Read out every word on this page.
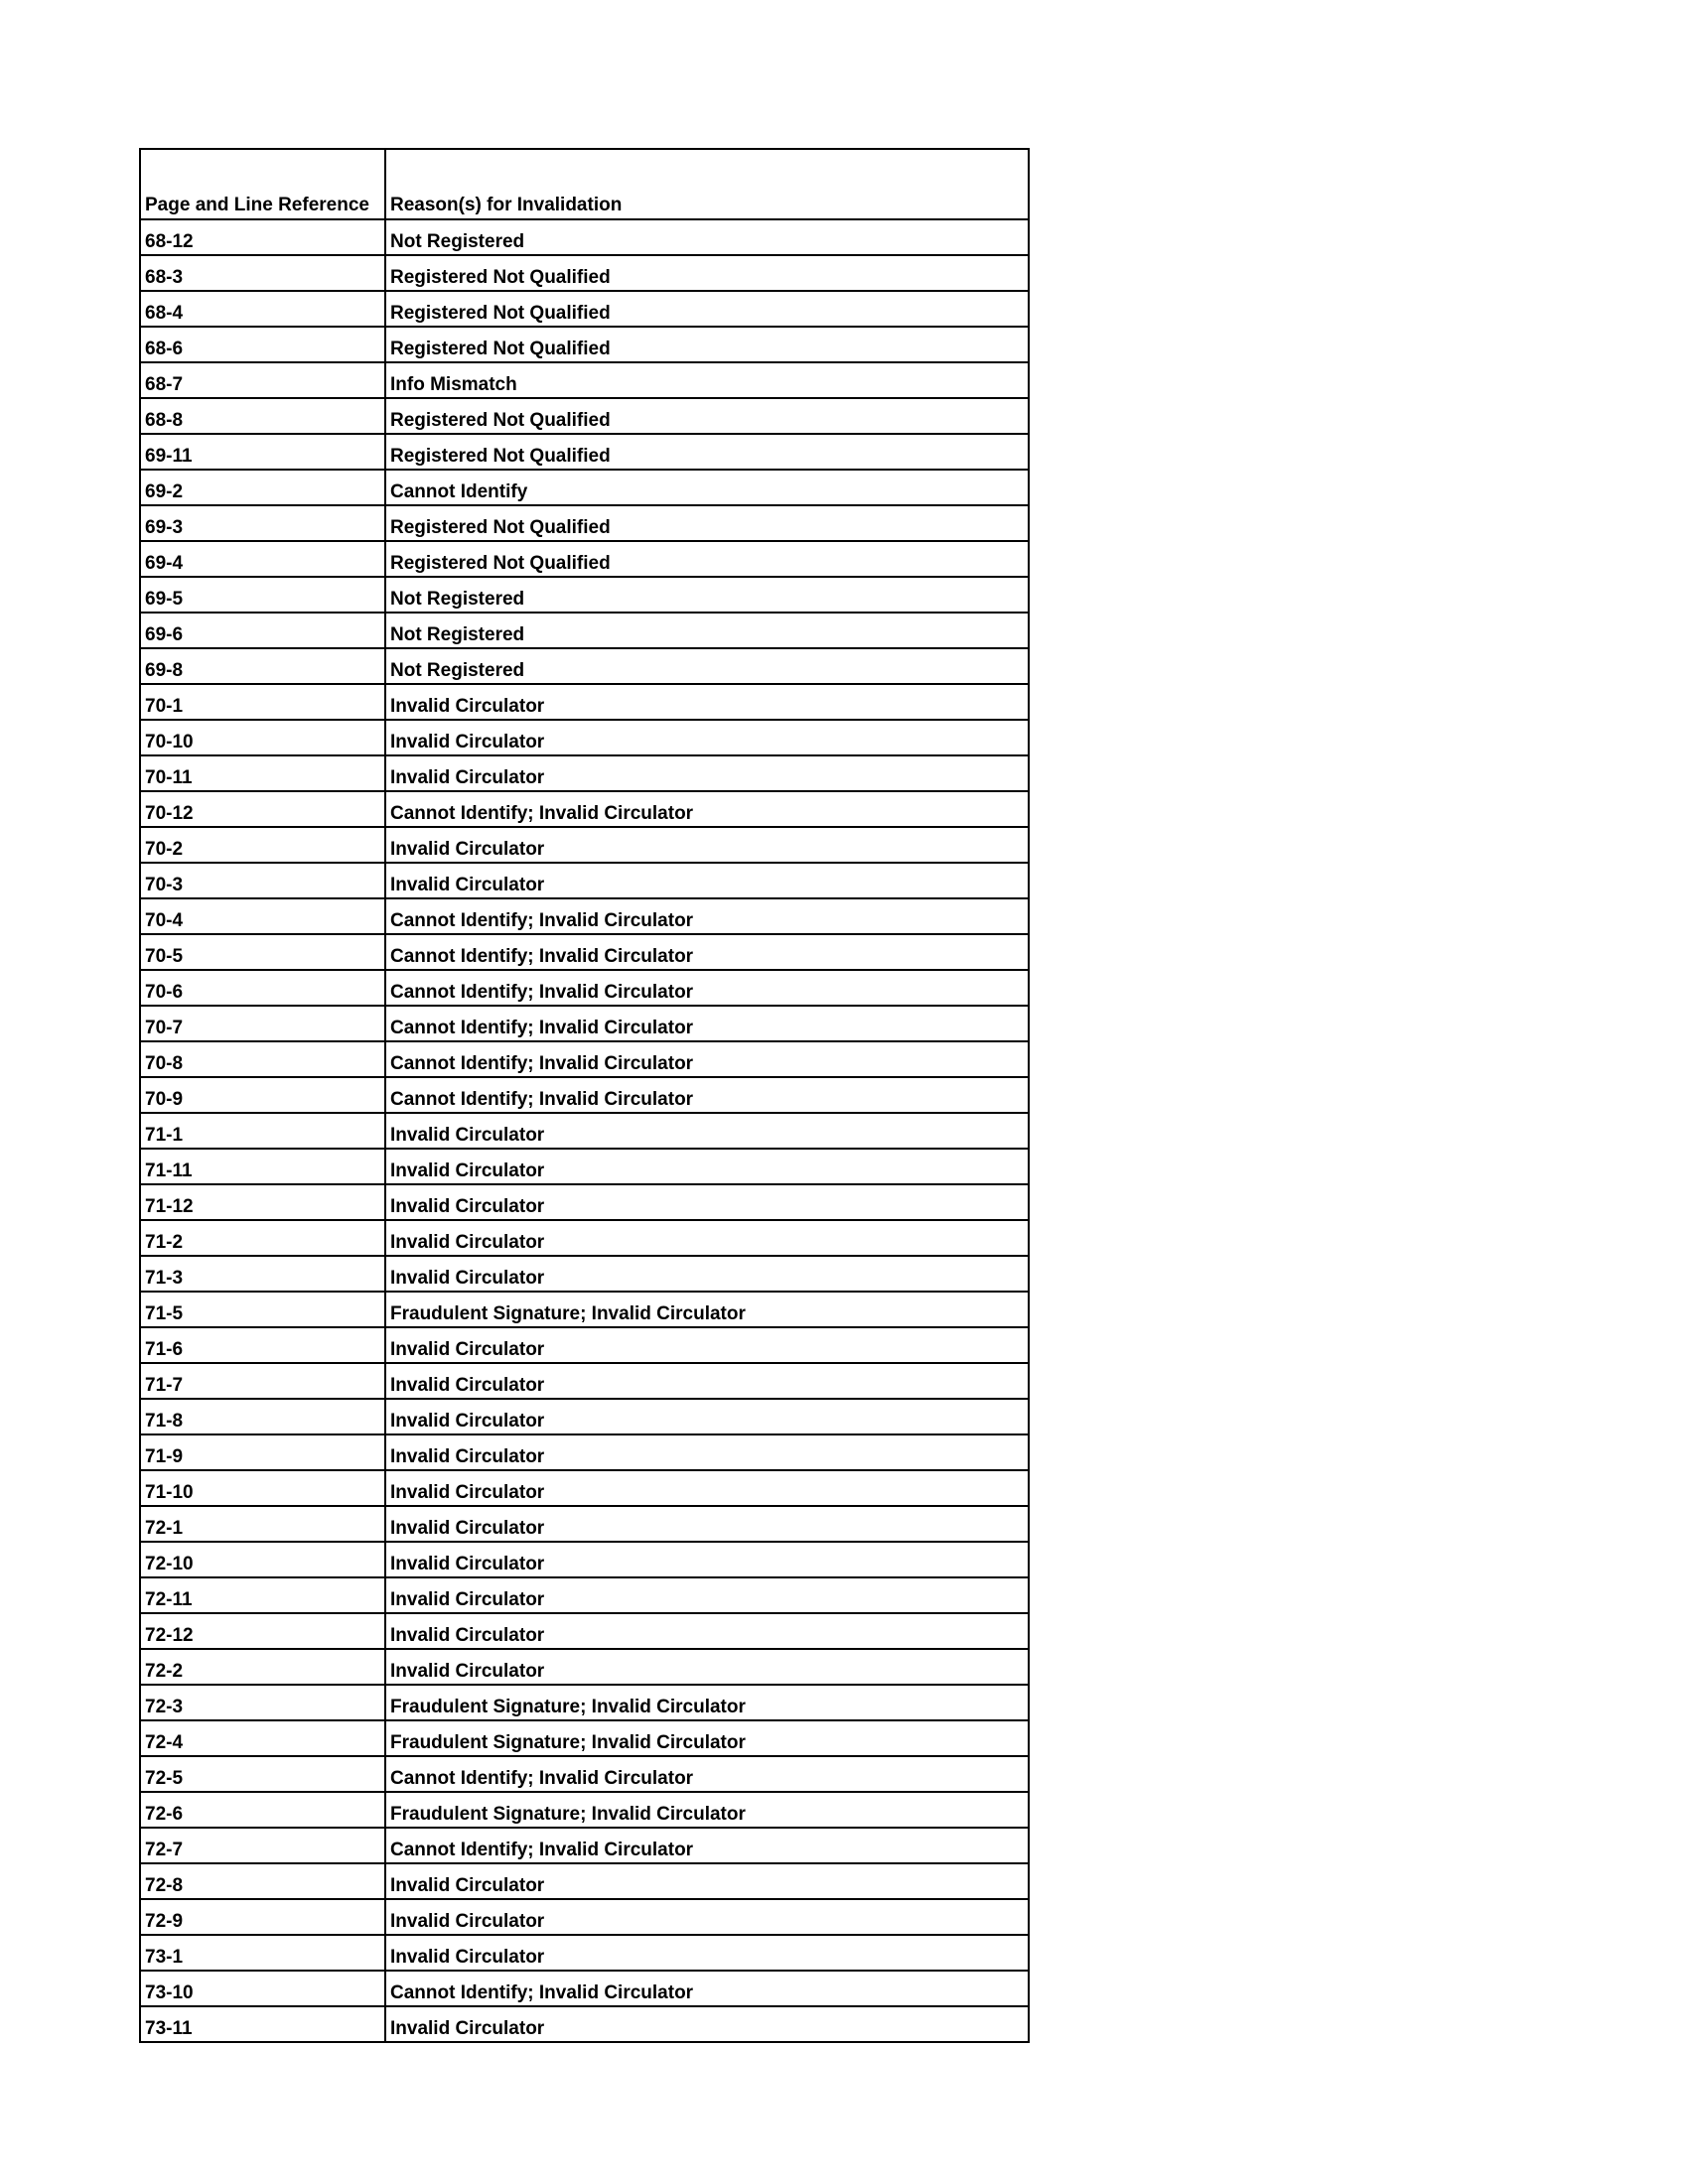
Page and Line Reference	Reason(s) for Invalidation
68-12	Not Registered
68-3	Registered Not Qualified
68-4	Registered Not Qualified
68-6	Registered Not Qualified
68-7	Info Mismatch
68-8	Registered Not Qualified
69-11	Registered Not Qualified
69-2	Cannot Identify
69-3	Registered Not Qualified
69-4	Registered Not Qualified
69-5	Not Registered
69-6	Not Registered
69-8	Not Registered
70-1	Invalid Circulator
70-10	Invalid Circulator
70-11	Invalid Circulator
70-12	Cannot Identify; Invalid Circulator
70-2	Invalid Circulator
70-3	Invalid Circulator
70-4	Cannot Identify; Invalid Circulator
70-5	Cannot Identify; Invalid Circulator
70-6	Cannot Identify; Invalid Circulator
70-7	Cannot Identify; Invalid Circulator
70-8	Cannot Identify; Invalid Circulator
70-9	Cannot Identify; Invalid Circulator
71-1	Invalid Circulator
71-11	Invalid Circulator
71-12	Invalid Circulator
71-2	Invalid Circulator
71-3	Invalid Circulator
71-5	Fraudulent Signature; Invalid Circulator
71-6	Invalid Circulator
71-7	Invalid Circulator
71-8	Invalid Circulator
71-9	Invalid Circulator
71-10	Invalid Circulator
72-1	Invalid Circulator
72-10	Invalid Circulator
72-11	Invalid Circulator
72-12	Invalid Circulator
72-2	Invalid Circulator
72-3	Fraudulent Signature; Invalid Circulator
72-4	Fraudulent Signature; Invalid Circulator
72-5	Cannot Identify; Invalid Circulator
72-6	Fraudulent Signature; Invalid Circulator
72-7	Cannot Identify; Invalid Circulator
72-8	Invalid Circulator
72-9	Invalid Circulator
73-1	Invalid Circulator
73-10	Cannot Identify; Invalid Circulator
73-11	Invalid Circulator
